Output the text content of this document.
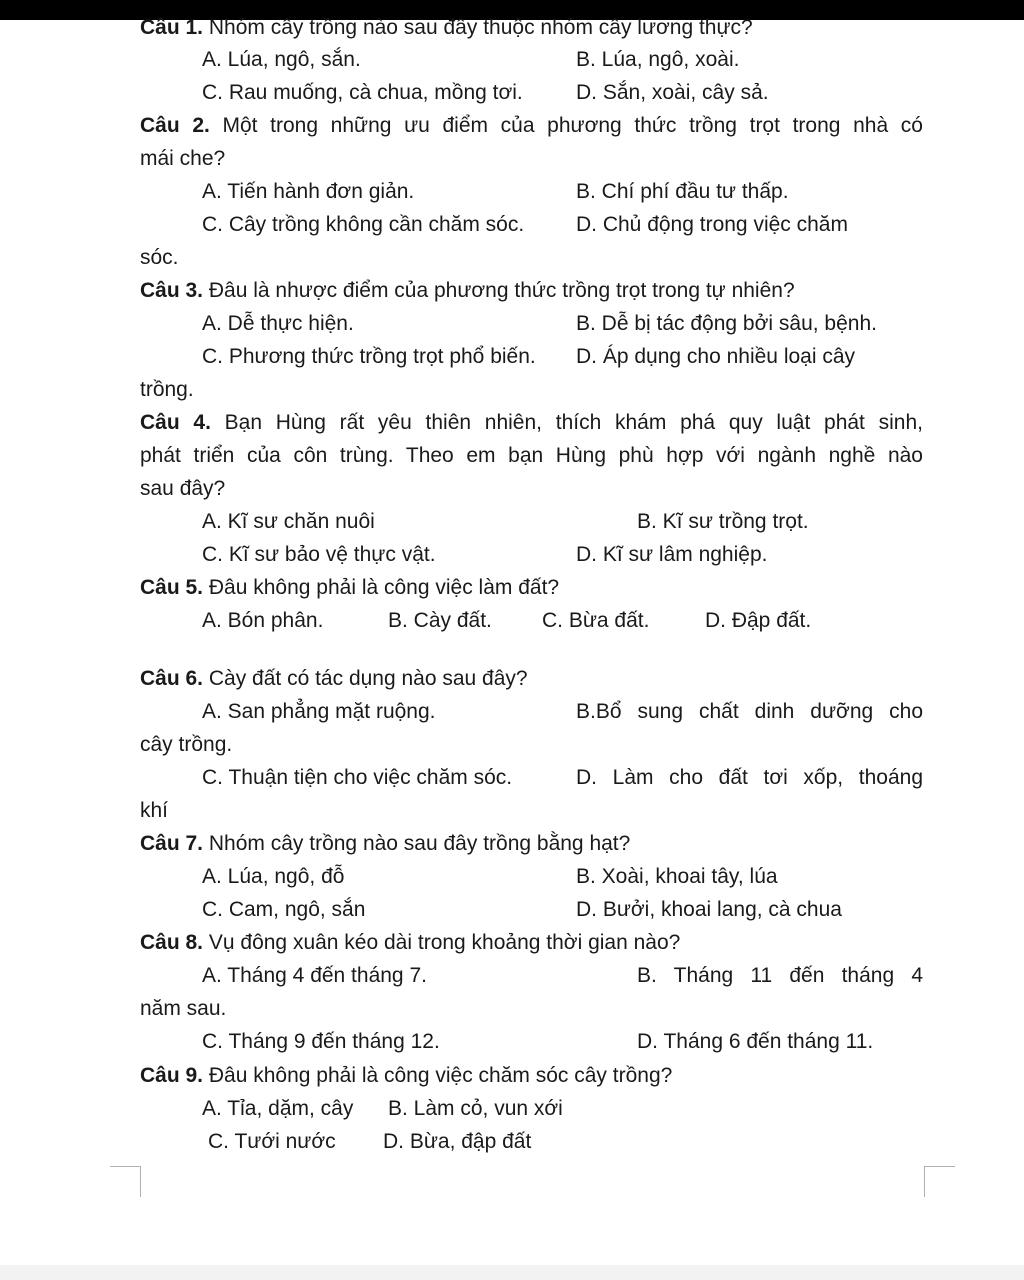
Câu 1. Nhóm cây trồng nào sau đây thuộc nhóm cây lương thực?
A. Lúa, ngô, sắn.	B. Lúa, ngô, xoài.
C. Rau muống, cà chua, mồng tơi.	D. Sắn, xoài, cây sả.
Câu 2. Một trong những ưu điểm của phương thức trồng trọt trong nhà có
mái che?
A. Tiến hành đơn giản.	B. Chí phí đầu tư thấp.
C. Cây trồng không cần chăm sóc. D. Chủ động trong việc chăm
sóc.
Câu 3. Đâu là nhược điểm của phương thức trồng trọt trong tự nhiên?
A. Dễ thực hiện.	B. Dễ bị tác động bởi sâu, bệnh.
C. Phương thức trồng trọt phổ biến. D. Áp dụng cho nhiều loại cây
trồng.
Câu 4. Bạn Hùng rất yêu thiên nhiên, thích khám phá quy luật phát sinh,
phát triển của côn trùng. Theo em bạn Hùng phù hợp với ngành nghề nào
sau đây?
A. Kĩ sư chăn nuôi	B. Kĩ sư trồng trọt.
C. Kĩ sư bảo vệ thực vật.	D. Kĩ sư lâm nghiệp.
Câu 5. Đâu không phải là công việc làm đất?
A. Bón phân.	B. Cày đất. C. Bừa đất.	D. Đập đất.
Câu 6. Cày đất có tác dụng nào sau đây?
A. San phẳng mặt ruộng.	B.Bổ sung chất dinh dưỡng cho
cây trồng.
C. Thuận tiện cho việc chăm sóc.	D. Làm cho đất tơi xốp, thoáng
khí
Câu 7. Nhóm cây trồng nào sau đây trồng bằng hạt?
A. Lúa, ngô, đỗ	B. Xoài, khoai tây, lúa
C. Cam, ngô, sắn	D. Bưởi, khoai lang, cà chua
Câu 8. Vụ đông xuân kéo dài trong khoảng thời gian nào?
A. Tháng 4 đến tháng 7.	B. Tháng 11 đến tháng 4
năm sau.
C. Tháng 9 đến tháng 12.	D. Tháng 6 đến tháng 11.
Câu 9. Đâu không phải là công việc chăm sóc cây trồng?
A. Tỉa, dặm, cây B. Làm cỏ, vun xới
C. Tưới nước D. Bừa, đập đất
